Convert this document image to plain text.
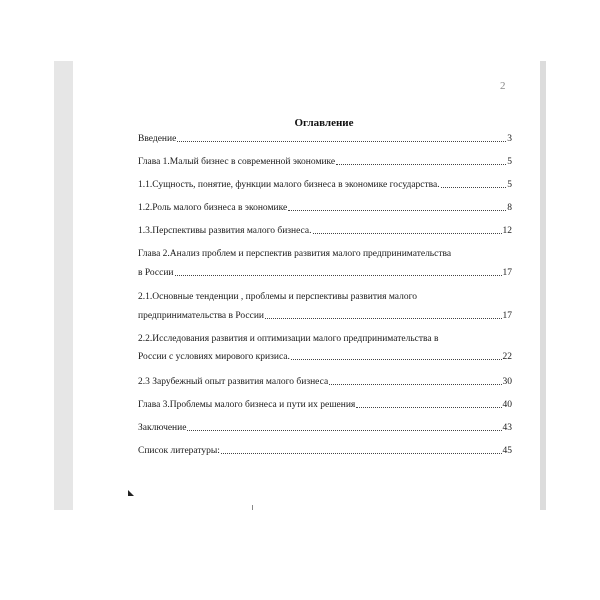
2
Оглавление
Введение	3
Глава 1.Малый бизнес в современной экономике	5
1.1.Сущность, понятие, функции малого бизнеса в экономике государства.	5
1.2.Роль малого бизнеса в экономике	8
1.3.Перспективы развития малого бизнеса.	12
Глава 2.Анализ проблем и перспектив развития малого предпринимательства
в России	17
2.1.Основные тенденции , проблемы и перспективы развития малого
предпринимательства в России	17
2.2.Исследования развития и оптимизации малого предпринимательства в
России с условиях мирового кризиса.	22
2.3 Зарубежный опыт развития малого бизнеса	30
Глава 3.Проблемы малого бизнеса и пути их решения	40
Заключение	43
Список литературы:	45
